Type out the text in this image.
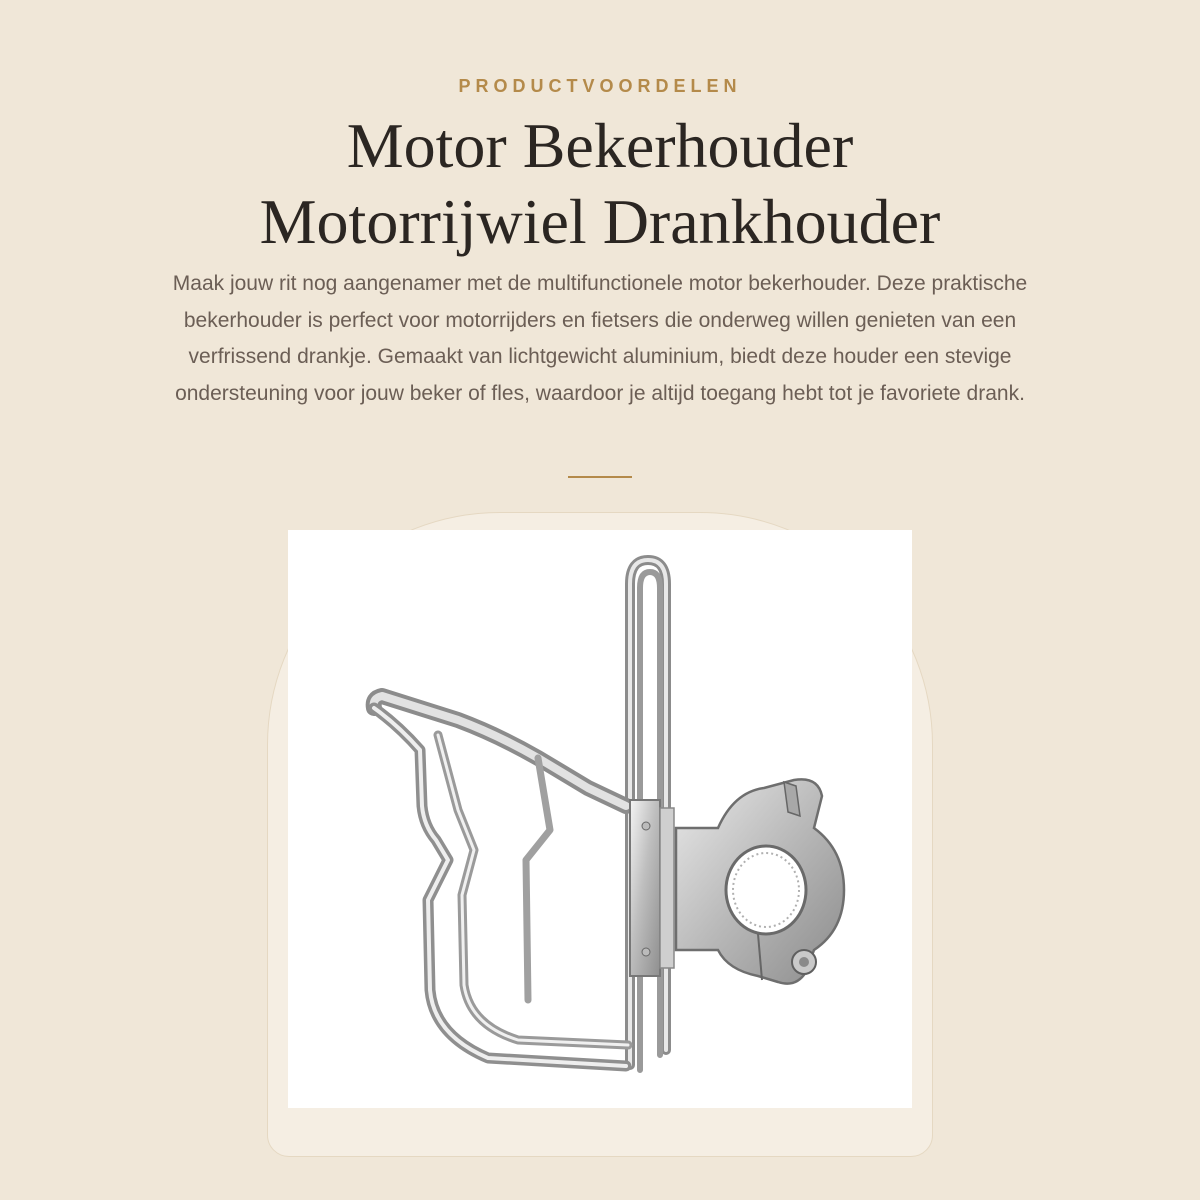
PRODUCTVOORDELEN
Motor Bekerhouder
Motorrijwiel Drankhouder

Maak jouw rit nog aangenamer met de multifunctionele motor bekerhouder. Deze praktische bekerhouder is perfect voor motorrijders en fietsers die onderweg willen genieten van een verfrissend drankje. Gemaakt van lichtgewicht aluminium, biedt deze houder een stevige ondersteuning voor jouw beker of fles, waardoor je altijd toegang hebt tot je favoriete drank.
